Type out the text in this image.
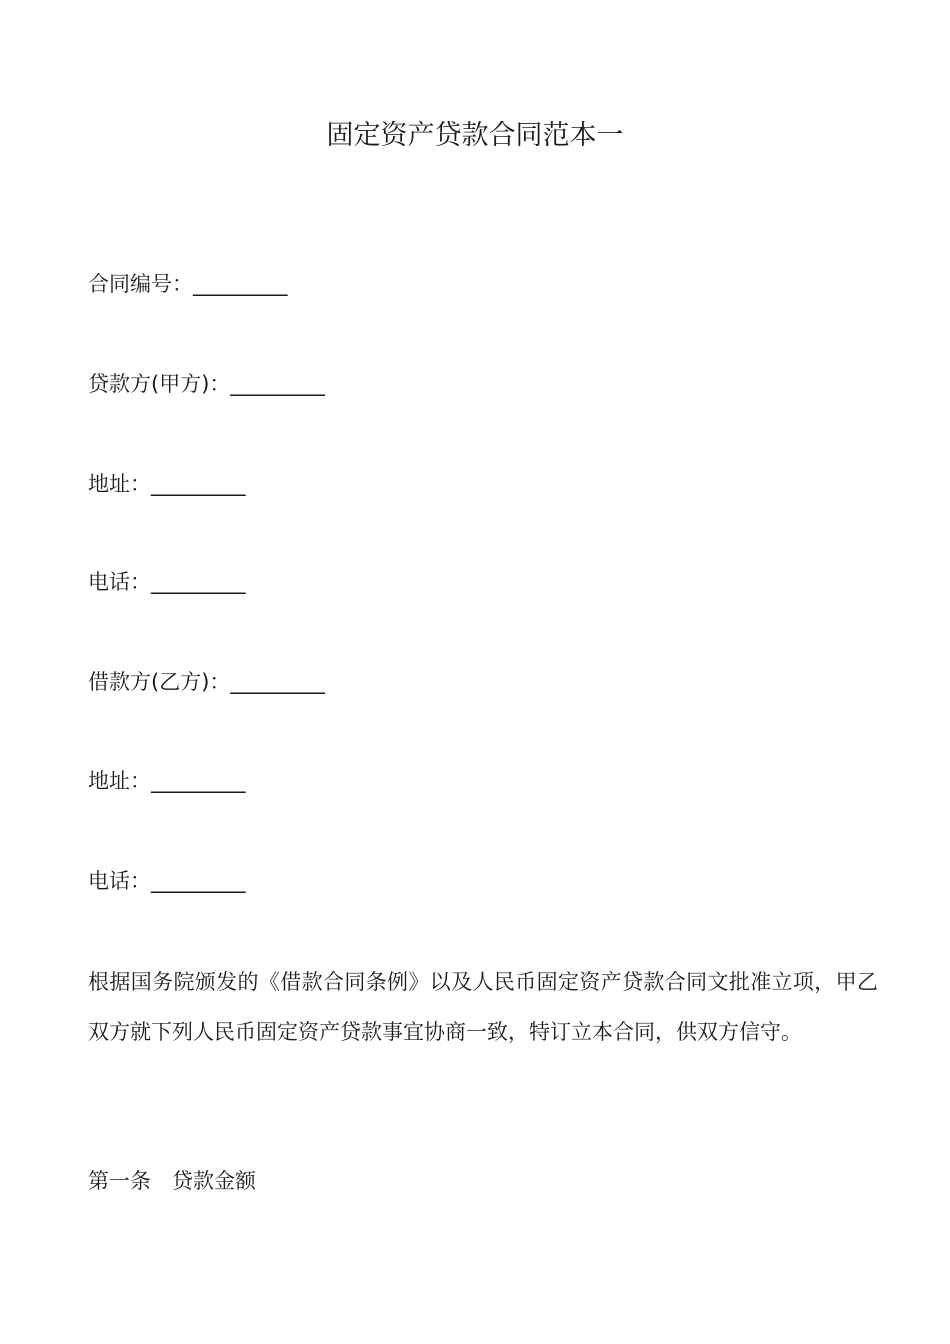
固定资产贷款合同范本一

合同编号：_________

贷款方(甲方)：_________

地址：_________

电话：_________

借款方(乙方)：_________

地址：_________

电话：_________

根据国务院颁发的《借款合同条例》以及人民币固定资产贷款合同文批准立项，甲乙双方就下列人民币固定资产贷款事宜协商一致，特订立本合同，供双方信守。

第一条　贷款金额
